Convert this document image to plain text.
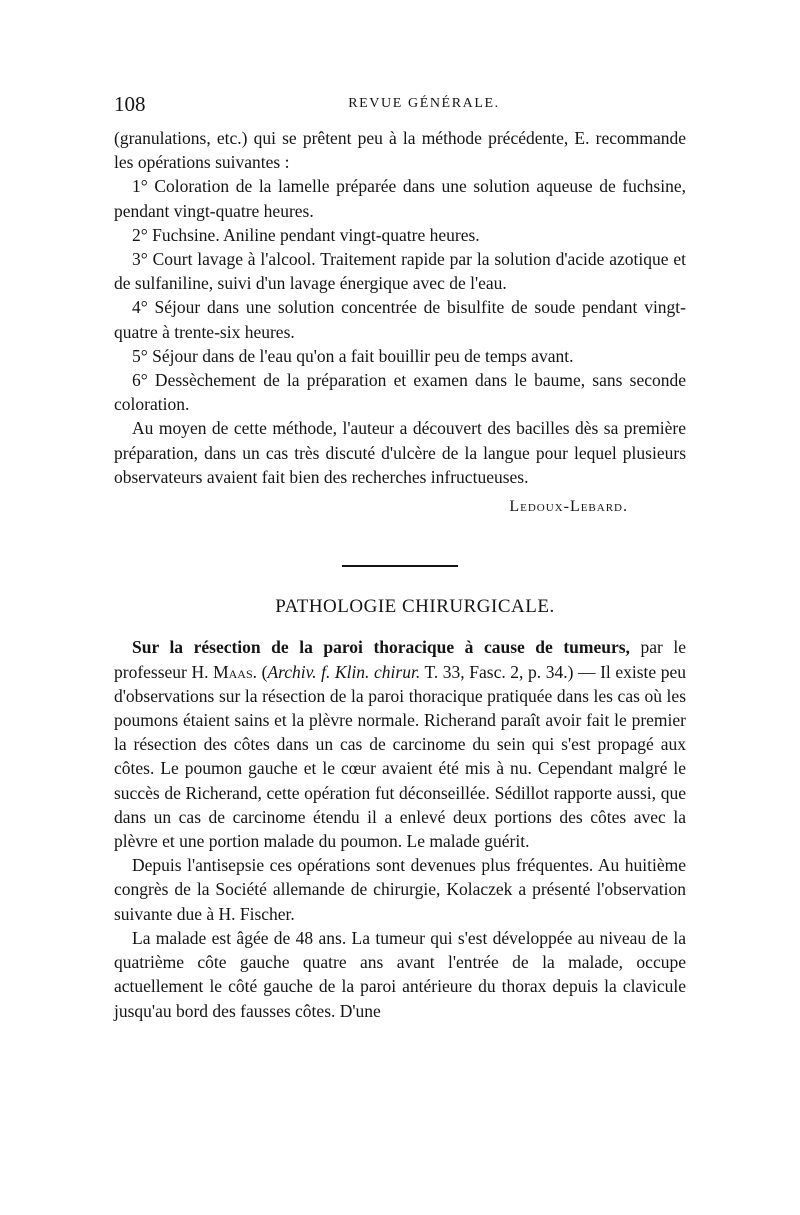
108	REVUE GÉNÉRALE.

(granulations, etc.) qui se prêtent peu à la méthode précédente, E. recommande les opérations suivantes :

1° Coloration de la lamelle préparée dans une solution aqueuse de fuchsine, pendant vingt-quatre heures.

2° Fuchsine. Aniline pendant vingt-quatre heures.

3° Court lavage à l'alcool. Traitement rapide par la solution d'acide azotique et de sulfaniline, suivi d'un lavage énergique avec de l'eau.

4° Séjour dans une solution concentrée de bisulfite de soude pendant vingt-quatre à trente-six heures.

5° Séjour dans de l'eau qu'on a fait bouillir peu de temps avant.

6° Dessèchement de la préparation et examen dans le baume, sans seconde coloration.

Au moyen de cette méthode, l'auteur a découvert des bacilles dès sa première préparation, dans un cas très discuté d'ulcère de la langue pour lequel plusieurs observateurs avaient fait bien des recherches infructueuses.

Ledoux-Lebard.
PATHOLOGIE CHIRURGICALE.

Sur la résection de la paroi thoracique à cause de tumeurs, par le professeur H. Maas. (Archiv. f. Klin. chirur. T. 33, Fasc. 2, p. 34.) — Il existe peu d'observations sur la résection de la paroi thoracique pratiquée dans les cas où les poumons étaient sains et la plèvre normale. Richerand paraît avoir fait le premier la résection des côtes dans un cas de carcinome du sein qui s'est propagé aux côtes. Le poumon gauche et le cœur avaient été mis à nu. Cependant malgré le succès de Richerand, cette opération fut déconseillée. Sédillot rapporte aussi, que dans un cas de carcinome étendu il a enlevé deux portions des côtes avec la plèvre et une portion malade du poumon. Le malade guérit.

Depuis l'antisepsie ces opérations sont devenues plus fréquentes. Au huitième congrès de la Société allemande de chirurgie, Kolaczek a présenté l'observation suivante due à H. Fischer.

La malade est âgée de 48 ans. La tumeur qui s'est développée au niveau de la quatrième côte gauche quatre ans avant l'entrée de la malade, occupe actuellement le côté gauche de la paroi antérieure du thorax depuis la clavicule jusqu'au bord des fausses côtes. D'une
